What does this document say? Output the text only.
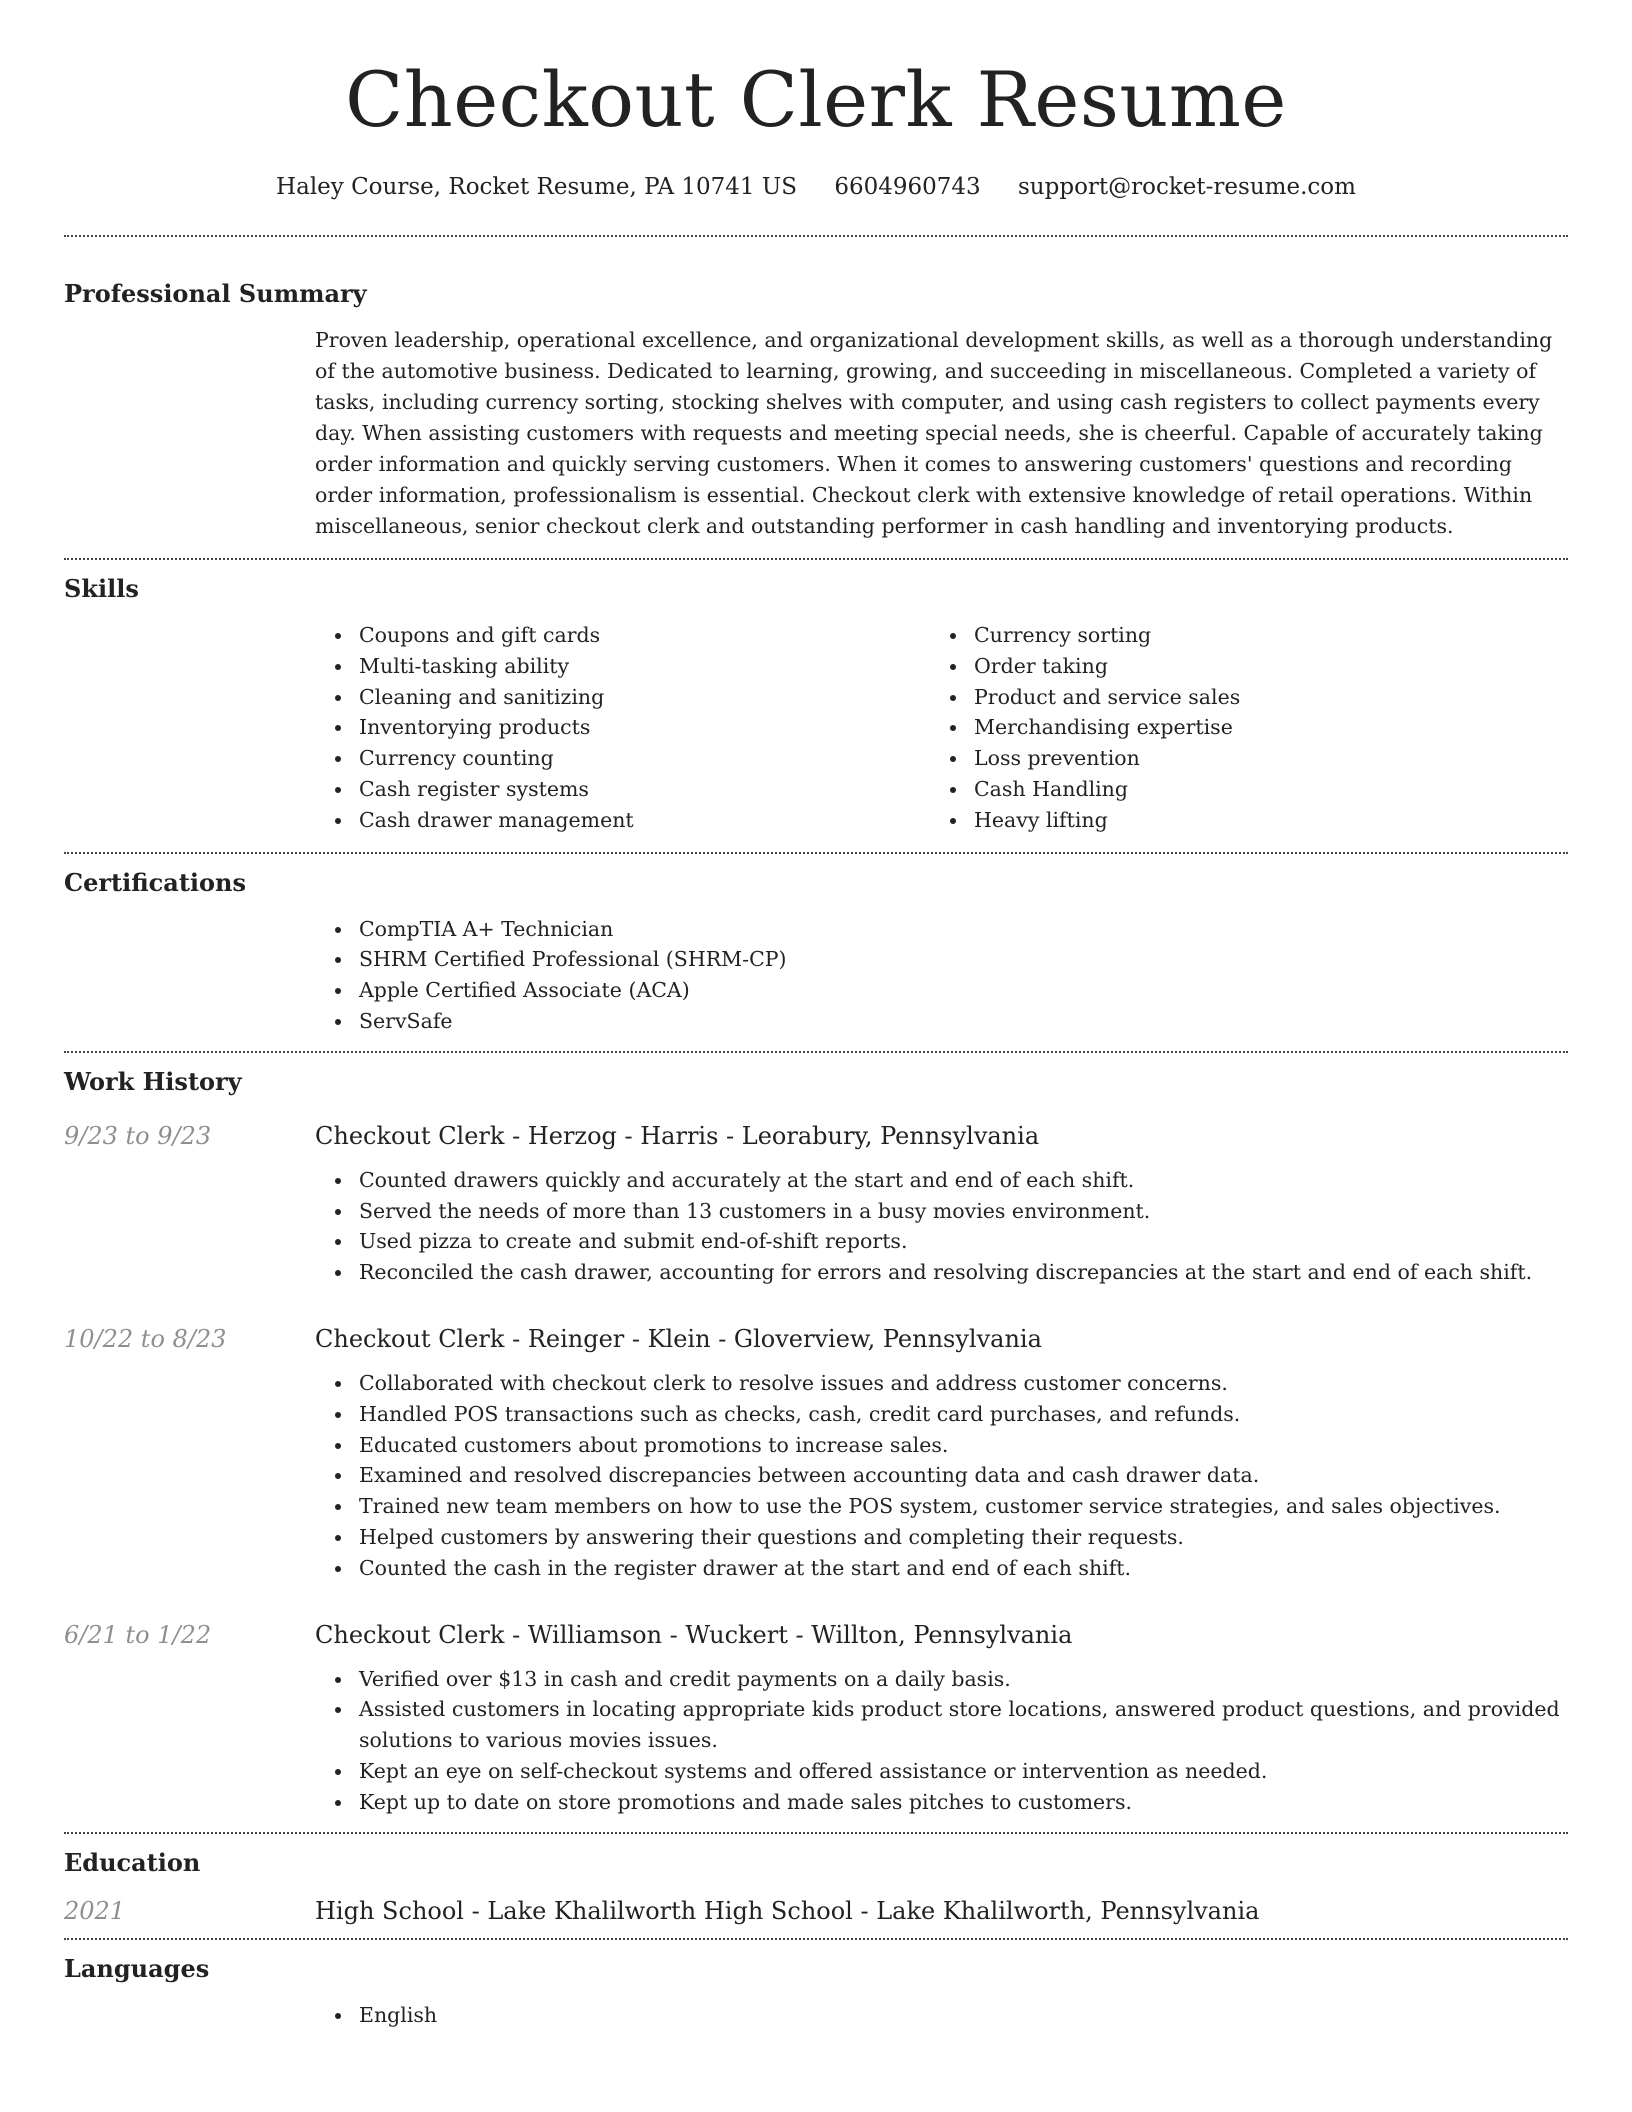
Checkout Clerk Resume
Haley Course, Rocket Resume, PA 10741 US 6604960743 support@rocket-resume.com
Professional Summary

Proven leadership, operational excellence, and organizational development skills, as well as a thorough understanding of the automotive business. Dedicated to learning, growing, and succeeding in miscellaneous. Completed a variety of tasks, including currency sorting, stocking shelves with computer, and using cash registers to collect payments every day. When assisting customers with requests and meeting special needs, she is cheerful. Capable of accurately taking order information and quickly serving customers. When it comes to answering customers' questions and recording order information, professionalism is essential. Checkout clerk with extensive knowledge of retail operations. Within miscellaneous, senior checkout clerk and outstanding performer in cash handling and inventorying products.

Skills
Coupons and gift cards
Multi-tasking ability
Cleaning and sanitizing
Inventorying products
Currency counting
Cash register systems
Cash drawer management
Currency sorting
Order taking
Product and service sales
Merchandising expertise
Loss prevention
Cash Handling
Heavy lifting
Certifications
CompTIA A+ Technician
SHRM Certified Professional (SHRM-CP)
Apple Certified Associate (ACA)
ServSafe
Work History
9/23 to 9/23	Checkout Clerk - Herzog - Harris - Leorabury, Pennsylvania
Counted drawers quickly and accurately at the start and end of each shift.
Served the needs of more than 13 customers in a busy movies environment.
Used pizza to create and submit end-of-shift reports.
Reconciled the cash drawer, accounting for errors and resolving discrepancies at the start and end of each shift.
10/22 to 8/23	Checkout Clerk - Reinger - Klein - Gloverview, Pennsylvania
Collaborated with checkout clerk to resolve issues and address customer concerns.
Handled POS transactions such as checks, cash, credit card purchases, and refunds.
Educated customers about promotions to increase sales.
Examined and resolved discrepancies between accounting data and cash drawer data.
Trained new team members on how to use the POS system, customer service strategies, and sales objectives.
Helped customers by answering their questions and completing their requests.
Counted the cash in the register drawer at the start and end of each shift.
6/21 to 1/22	Checkout Clerk - Williamson - Wuckert - Willton, Pennsylvania
Verified over $13 in cash and credit payments on a daily basis.
Assisted customers in locating appropriate kids product store locations, answered product questions, and provided solutions to various movies issues.
Kept an eye on self-checkout systems and offered assistance or intervention as needed.
Kept up to date on store promotions and made sales pitches to customers.
Education
2021	High School - Lake Khalilworth High School - Lake Khalilworth, Pennsylvania
Languages
English
